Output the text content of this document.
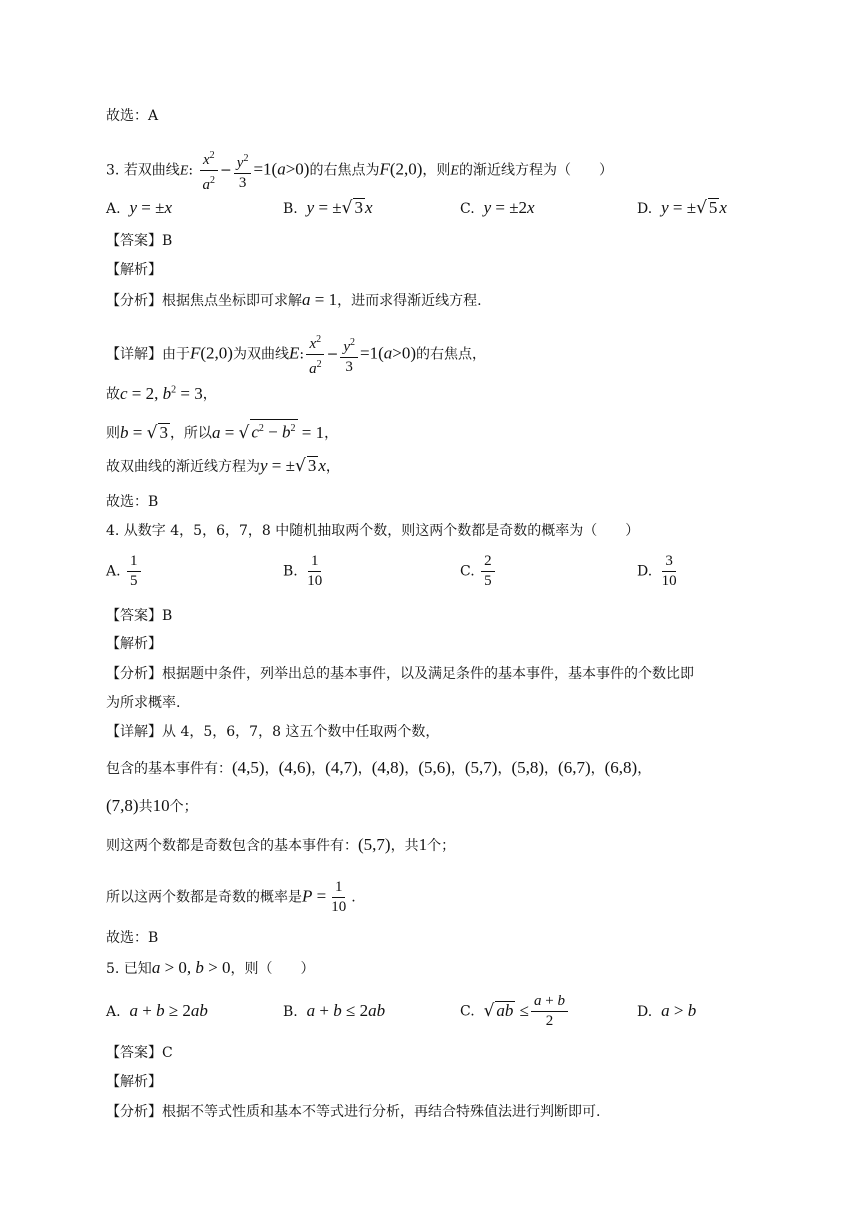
故选：A
3. 若双曲线E: $\frac{x^2}{a^2} - \frac{y^2}{3} =1(a>0)$的右焦点为F(2,0)，则E的渐近线方程为（　　）
A. y = ±x	B. y = ±√ 3 x	C. y = ±2x	D. y = ±√ 5 x
【答案】B
【解析】
【分析】根据焦点坐标即可求解a = 1，进而求得渐近线方程.
【详解】由于F(2,0)为双曲线E: $\frac{x^2}{a^2} - \frac{y^2}{3} =1(a>0)$的右焦点，
故c = 2, $b^2 = 3$，
则b = √ 3 ，所以a = √ $c^2 - b^2 = 1$，
故双曲线的渐近线方程为y = ±√ 3 x，
故选：B
4. 从数字 4，5，6，7，8 中随机抽取两个数，则这两个数都是奇数的概率为（　　）
A. $\frac{1}{5}$	B. $\frac{1}{10}$	C. $\frac{2}{5}$	D. $\frac{3}{10}$
【答案】B
【解析】
【分析】根据题中条件，列举出总的基本事件，以及满足条件的基本事件，基本事件的个数比即
为所求概率.
【详解】从 4，5，6，7，8 这五个数中任取两个数，
包含的基本事件有：(4,5)，(4,6)，(4,7)，(4,8)，(5,6)，(5,7)，(5,8)，(6,7)，(6,8)，
(7,8)共10个；
则这两个数都是奇数包含的基本事件有：(5,7)，共1个；
所以这两个数都是奇数的概率是$P = \frac{1}{10}$ .
故选：B
5. 已知a > 0, b > 0，则（　　）
A. a + b ≥ 2ab	B. a + b ≤ 2ab	C. √ ab ≤ $\frac{a + b}{2}$	D. a > b
【答案】C
【解析】
【分析】根据不等式性质和基本不等式进行分析，再结合特殊值法进行判断即可.
